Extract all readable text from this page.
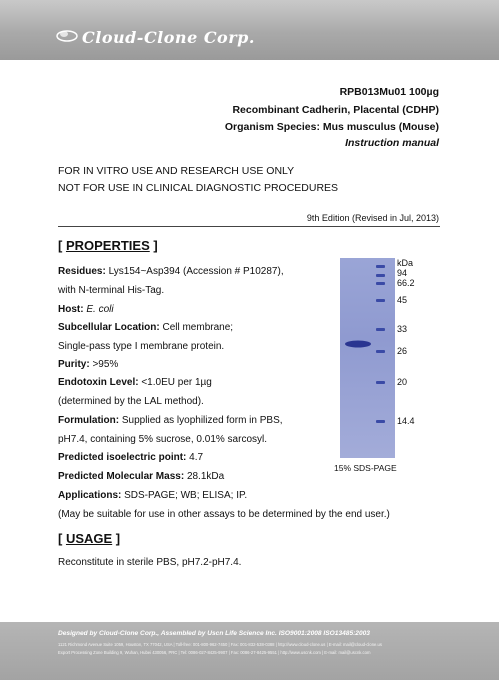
Cloud-Clone Corp.
RPB013Mu01 100µg
Recombinant Cadherin, Placental (CDHP)
Organism Species: Mus musculus (Mouse)
Instruction manual
FOR IN VITRO USE AND RESEARCH USE ONLY
NOT FOR USE IN CLINICAL DIAGNOSTIC PROCEDURES
9th Edition (Revised in Jul, 2013)
[ PROPERTIES ]
Residues: Lys154~Asp394 (Accession # P10287),
with N-terminal His-Tag.
Host: E. coli
Subcellular Location: Cell membrane;
Single-pass type I membrane protein.
Purity: >95%
Endotoxin Level: <1.0EU per 1µg
(determined by the LAL method).
Formulation: Supplied as lyophilized form in PBS,
pH7.4, containing 5% sucrose, 0.01% sarcosyl.
Predicted isoelectric point: 4.7
Predicted Molecular Mass: 28.1kDa
Applications: SDS-PAGE; WB; ELISA; IP.
(May be suitable for use in other assays to be determined by the end user.)
kDa
94
66.2
45
33
26
20
14.4
15% SDS-PAGE
[ USAGE ]
Reconstitute in sterile PBS, pH7.2-pH7.4.
Designed by Cloud-Clone Corp., Assembled by Uscn Life Science Inc. ISO9001:2008 ISO13485:2003
1121 Richmond Avenue Suite 1059, Houston, TX 77042, USA | Toll-free: 001-800-962-7450 | Fax: 001-832-538-0388 | http://www.cloud-clone.us | E-mail: mail@cloud-clone.us
Export Processing Zone Building 9, Wuhan, Hubei 430056, PRC | Tel: 0086-027-8425-9907 | Fax: 0086-27-8425-9551 | http://www.uscnk.com | E-mail: mail@uscnk.com
